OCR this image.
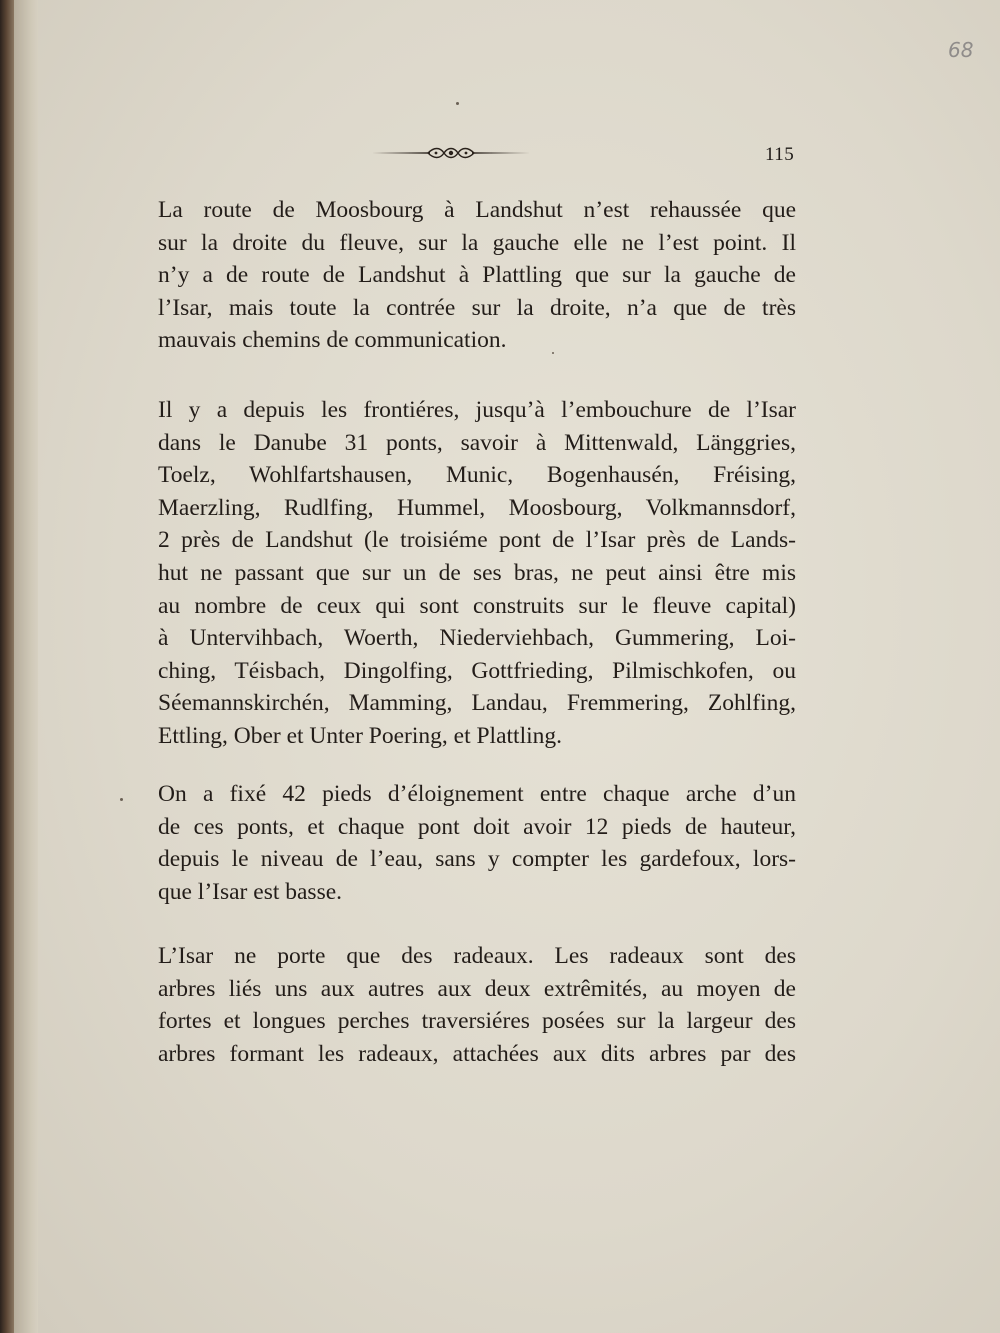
68
115

La route de Moosbourg à Landshut n’est rehaussée que
sur la droite du fleuve, sur la gauche elle ne l’est point. Il
n’y a de route de Landshut à Plattling que sur la gauche de
l’Isar, mais toute la contrée sur la droite, n’a que de très
mauvais chemins de communication.

Il y a depuis les frontiéres, jusqu’à l’embouchure de l’Isar
dans le Danube 31 ponts, savoir à Mittenwald, Länggries,
Toelz, Wohlfartshausen, Munic, Bogenhausén, Fréising,
Maerzling, Rudlfing, Hummel, Moosbourg, Volkmannsdorf,
2 près de Landshut (le troisiéme pont de l’Isar près de Lands-
hut ne passant que sur un de ses bras, ne peut ainsi être mis
au nombre de ceux qui sont construits sur le fleuve capital)
à Untervihbach, Woerth, Niederviehbach, Gummering, Loi-
ching, Téisbach, Dingolfing, Gottfrieding, Pilmischkofen, ou
Séemannskirchén, Mamming, Landau, Fremmering, Zohlfing,
Ettling, Ober et Unter Poering, et Plattling.

On a fixé 42 pieds d’éloignement entre chaque arche d’un
de ces ponts, et chaque pont doit avoir 12 pieds de hauteur,
depuis le niveau de l’eau, sans y compter les gardefoux, lors-
que l’Isar est basse.

L’Isar ne porte que des radeaux. Les radeaux sont des
arbres liés uns aux autres aux deux extrêmités, au moyen de
fortes et longues perches traversiéres posées sur la largeur des
arbres formant les radeaux, attachées aux dits arbres par des
